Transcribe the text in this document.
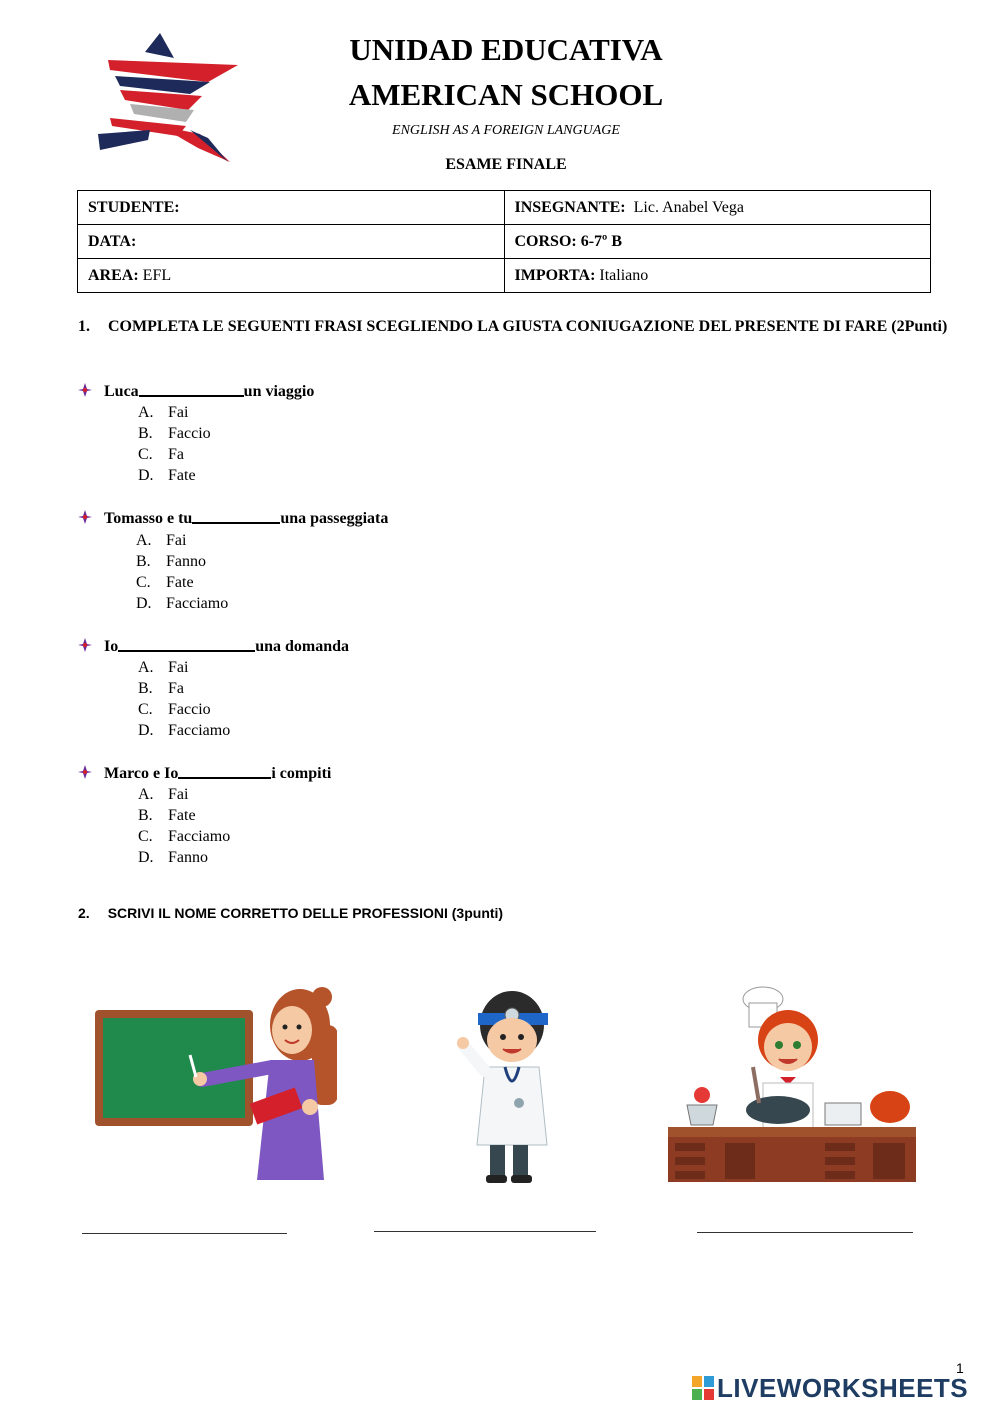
UNIDAD EDUCATIVA
AMERICAN SCHOOL
ENGLISH AS A FOREIGN LANGUAGE
ESAME FINALE
STUDENTE:	INSEGNANTE: Lic. Anabel Vega
DATA:	CORSO: 6-7º B
AREA: EFL	IMPORTA: Italiano
1. COMPLETA LE SEGUENTI FRASI SCEGLIENDO LA GIUSTA CONIUGAZIONE DEL PRESENTE DI FARE (2Punti)
Luca	un viaggio
A. Fai
B. Faccio
C. Fa
D. Fate
Tomasso e tu	una passeggiata
A. Fai
B. Fanno
C. Fate
D. Facciamo
Io	una domanda
A. Fai
B. Fa
C. Faccio
D. Facciamo
Marco e Io	i compiti
A. Fai
B. Fate
C. Facciamo
D. Fanno
2. SCRIVI IL NOME CORRETTO DELLE PROFESSIONI (3punti)
1
LIVEWORKSHEETS
